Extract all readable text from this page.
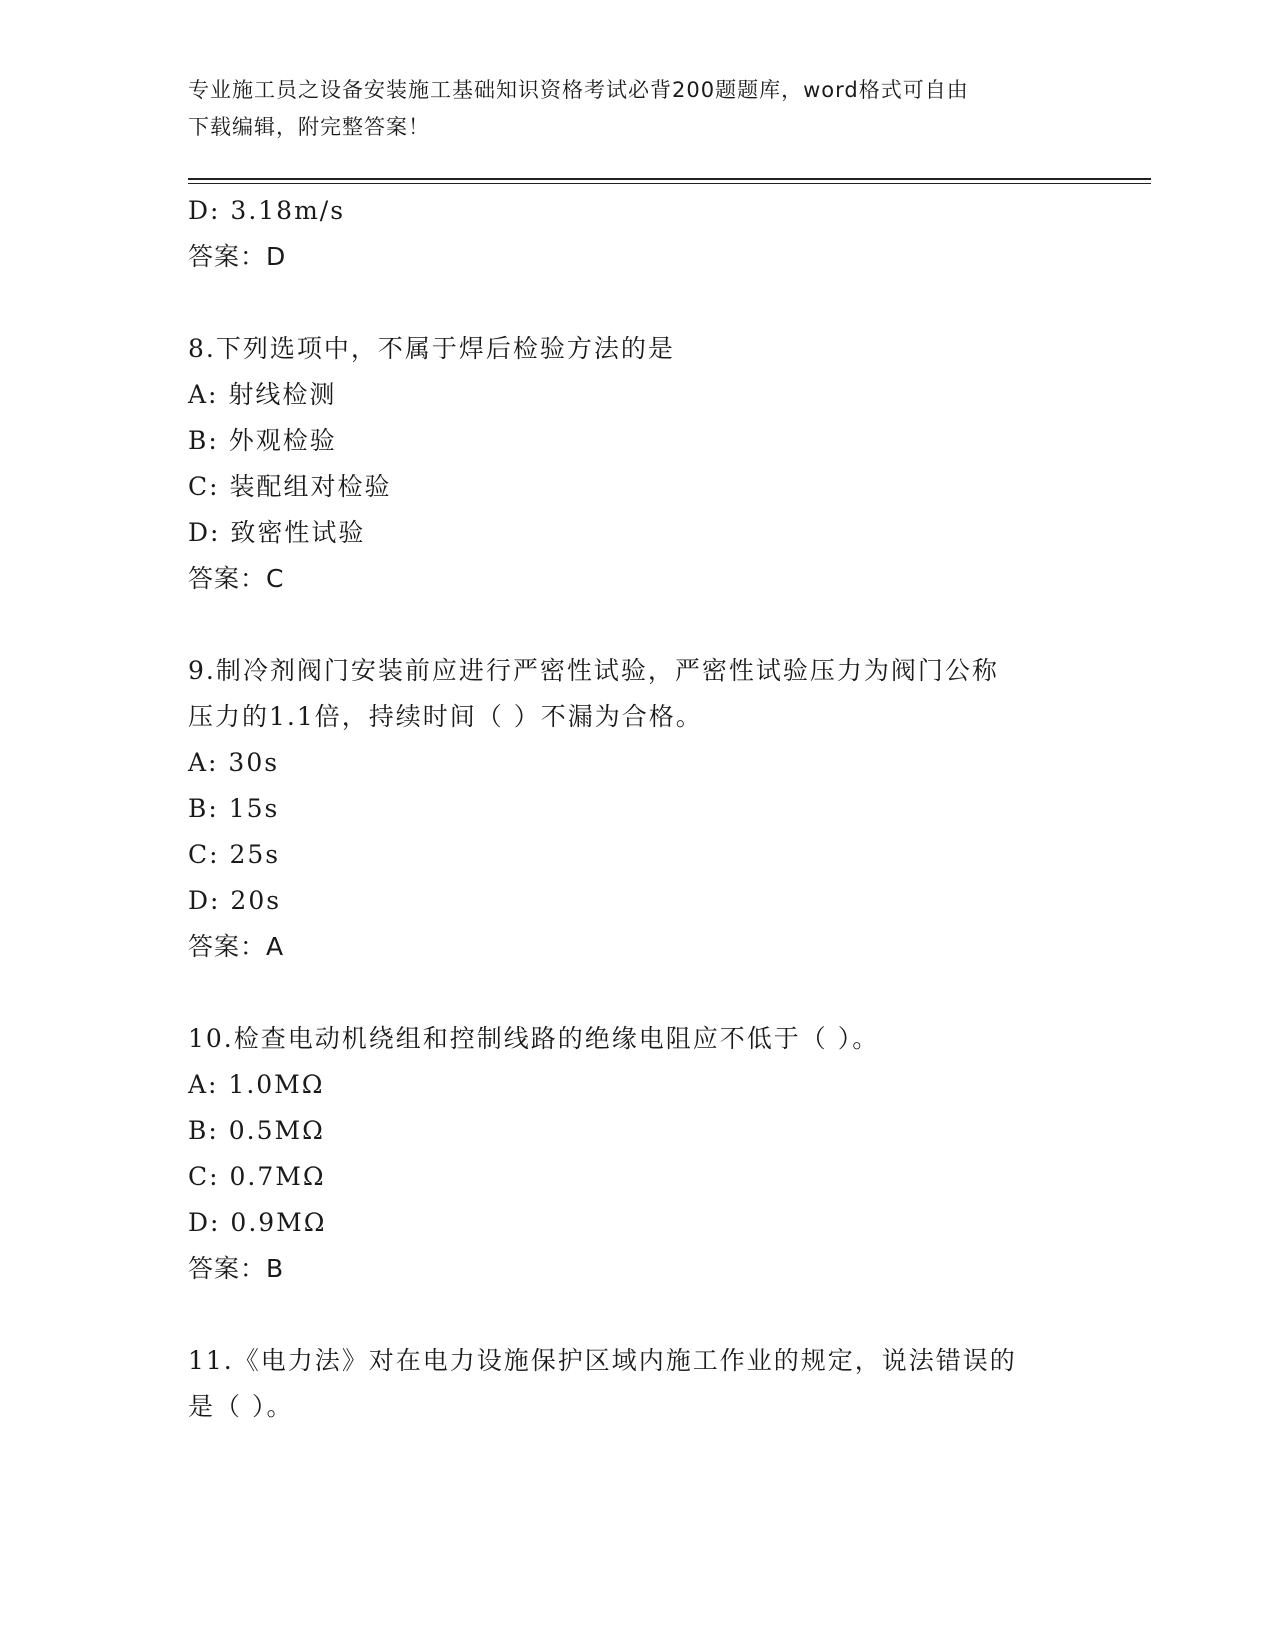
专业施工员之设备安装施工基础知识资格考试必背200题题库，word格式可自由
下载编辑，附完整答案！
D: 3.18m/s
答案：D
8.下列选项中，不属于焊后检验方法的是
A: 射线检测
B: 外观检验
C: 装配组对检验
D: 致密性试验
答案：C
9.制冷剂阀门安装前应进行严密性试验，严密性试验压力为阀门公称
压力的1.1倍，持续时间（ ）不漏为合格。
A: 30s
B: 15s
C: 25s
D: 20s
答案：A
10.检查电动机绕组和控制线路的绝缘电阻应不低于（ ）。
A: 1.0MΩ
B: 0.5MΩ
C: 0.7MΩ
D: 0.9MΩ
答案：B
11.《电力法》对在电力设施保护区域内施工作业的规定，说法错误的
是（ ）。
